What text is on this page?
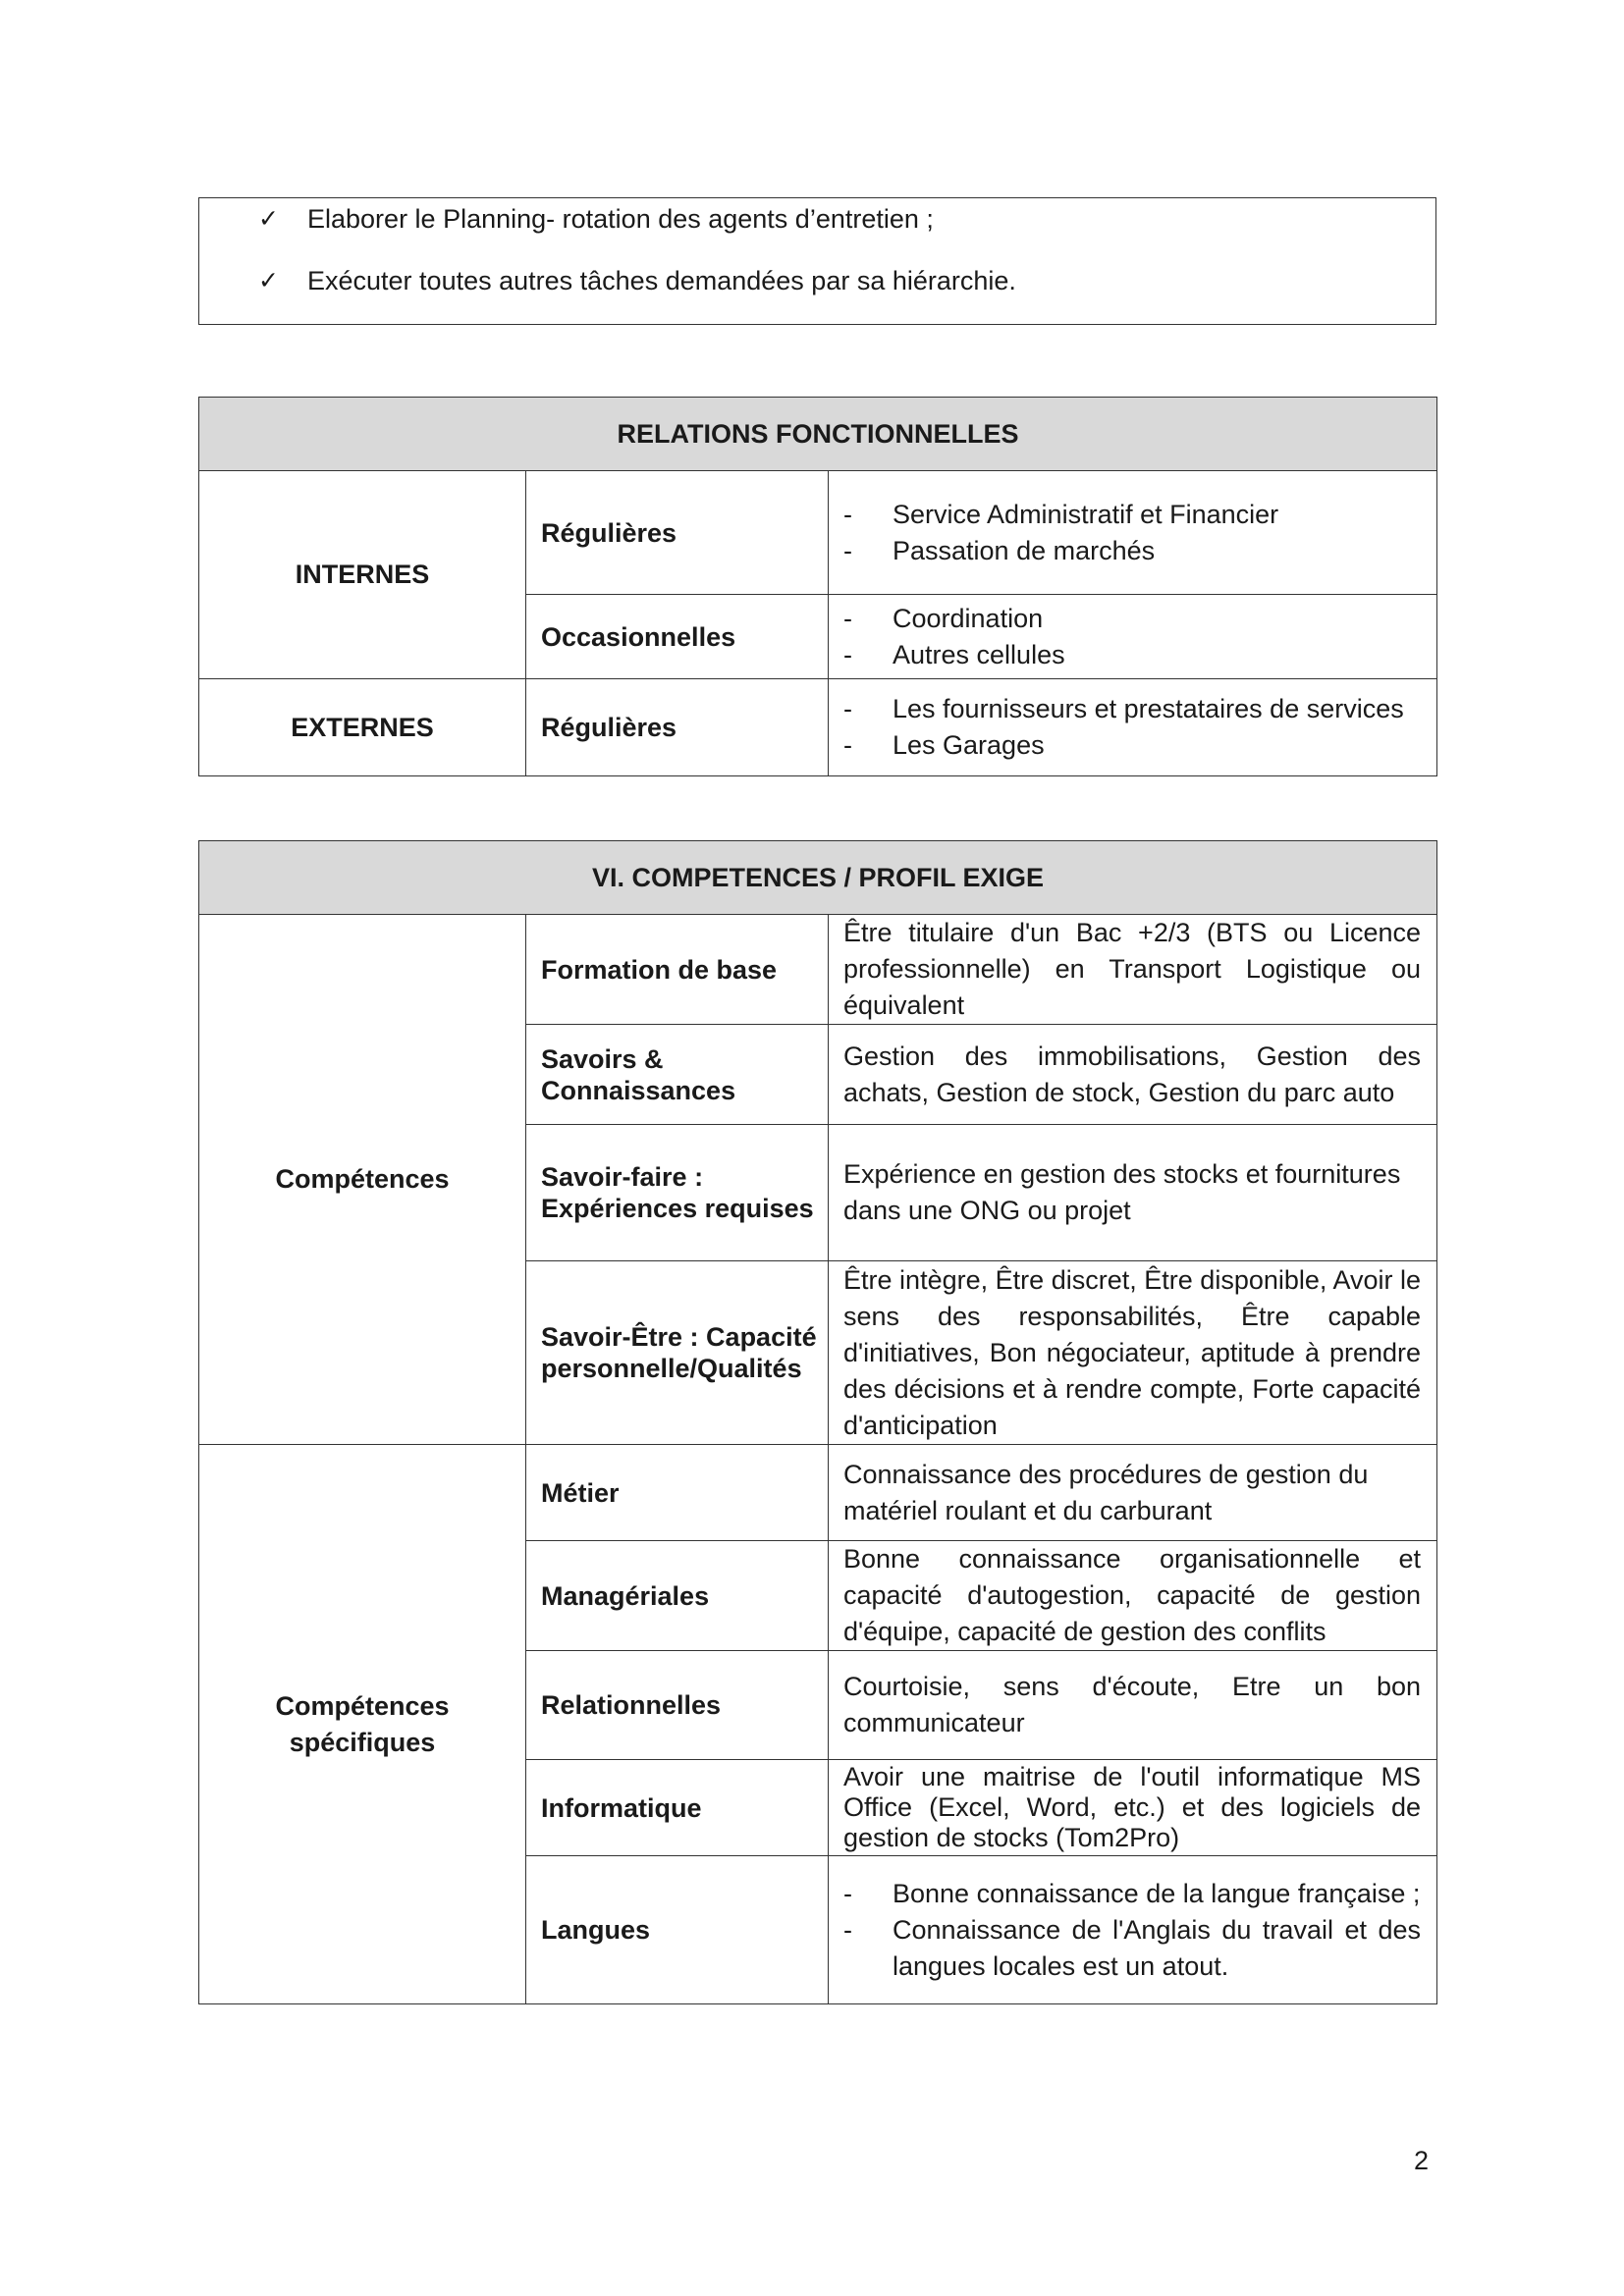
✓ Elaborer le Planning- rotation des agents d’entretien ;
✓ Exécuter toutes autres tâches demandées par sa hiérarchie.
RELATIONS FONCTIONNELLES		
INTERNES	Régulières	- Service Administratif et Financier
- Passation de marchés

	Occasionnelles	- Coordination
- Autres cellules

EXTERNES	Régulières	- Les fournisseurs et prestataires de services
- Les Garages
VI. COMPETENCES / PROFIL EXIGE		
Compétences	Formation de base	Être titulaire d'un Bac +2/3 (BTS ou Licence professionnelle) en Transport Logistique ou équivalent
	Savoirs & Connaissances	Gestion des immobilisations, Gestion des achats, Gestion de stock, Gestion du parc auto
	Savoir-faire : Expériences requises	Expérience en gestion des stocks et fournitures dans une ONG ou projet
	Savoir-Être : Capacité personnelle/Qualités	Être intègre, Être discret, Être disponible, Avoir le sens des responsabilités, Être capable d'initiatives, Bon négociateur, aptitude à prendre des décisions et à rendre compte, Forte capacité d'anticipation
Compétences spécifiques	Métier	Connaissance des procédures de gestion du matériel roulant et du carburant
	Managériales	Bonne connaissance organisationnelle et capacité d'autogestion, capacité de gestion d'équipe, capacité de gestion des conflits
	Relationnelles	Courtoisie, sens d'écoute, Etre un bon communicateur
	Informatique	Avoir une maitrise de l'outil informatique MS Office (Excel, Word, etc.) et des logiciels de gestion de stocks (Tom2Pro)
	Langues	- Bonne connaissance de la langue française ;
- Connaissance de l'Anglais du travail et des langues locales est un atout.
2
